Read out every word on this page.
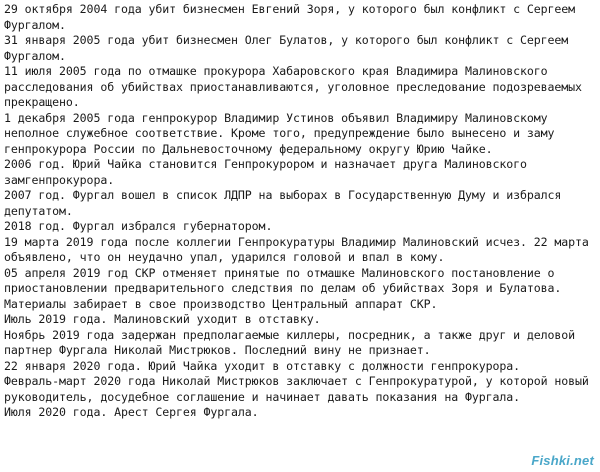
29 октября 2004 года убит бизнесмен Евгений Зоря, у которого был конфликт с Сергеем Фургалом.

31 января 2005 года убит бизнесмен Олег Булатов, у которого был конфликт с Сергеем Фургалом.

11 июля 2005 года по отмашке прокурора Хабаровского края Владимира Малиновского расследования об убийствах приостанавливаются, уголовное преследование подозреваемых прекращено.

1 декабря 2005 года генпрокурор Владимир Устинов объявил Владимиру Малиновскому неполное служебное соответствие. Кроме того, предупреждение было вынесено и заму генпрокурора России по Дальневосточному федеральному округу Юрию Чайке.

2006 год. Юрий Чайка становится Генпрокурором и назначает друга Малиновского замгенпрокурора.

2007 год. Фургал вошел в список ЛДПР на выборах в Государственную Думу и избрался депутатом.

2018 год. Фургал избрался губернатором.

19 марта 2019 года после коллегии Генпрокуратуры Владимир Малиновский исчез. 22 марта объявлено, что он неудачно упал, ударился головой и впал в кому.

05 апреля 2019 год СКР отменяет принятые по отмашке Малиновского постановление о приостановлении предварительного следствия по делам об убийствах Зоря и Булатова. Материалы забирает в свое производство Центральный аппарат СКР.

Июль 2019 года. Малиновский уходит в отставку.

Ноябрь 2019 года задержан предполагаемые киллеры, посредник, а также друг и деловой партнер Фургала Николай Мистрюков. Последний вину не признает.

22 января 2020 года. Юрий Чайка уходит в отставку с должности генпрокурора.

Февраль-март 2020 года Николай Мистрюков заключает с Генпрокуратурой, у которой новый руководитель, досудебное соглашение и начинает давать показания на Фургала.

Июля 2020 года. Арест Сергея Фургала.

Fishki.net
